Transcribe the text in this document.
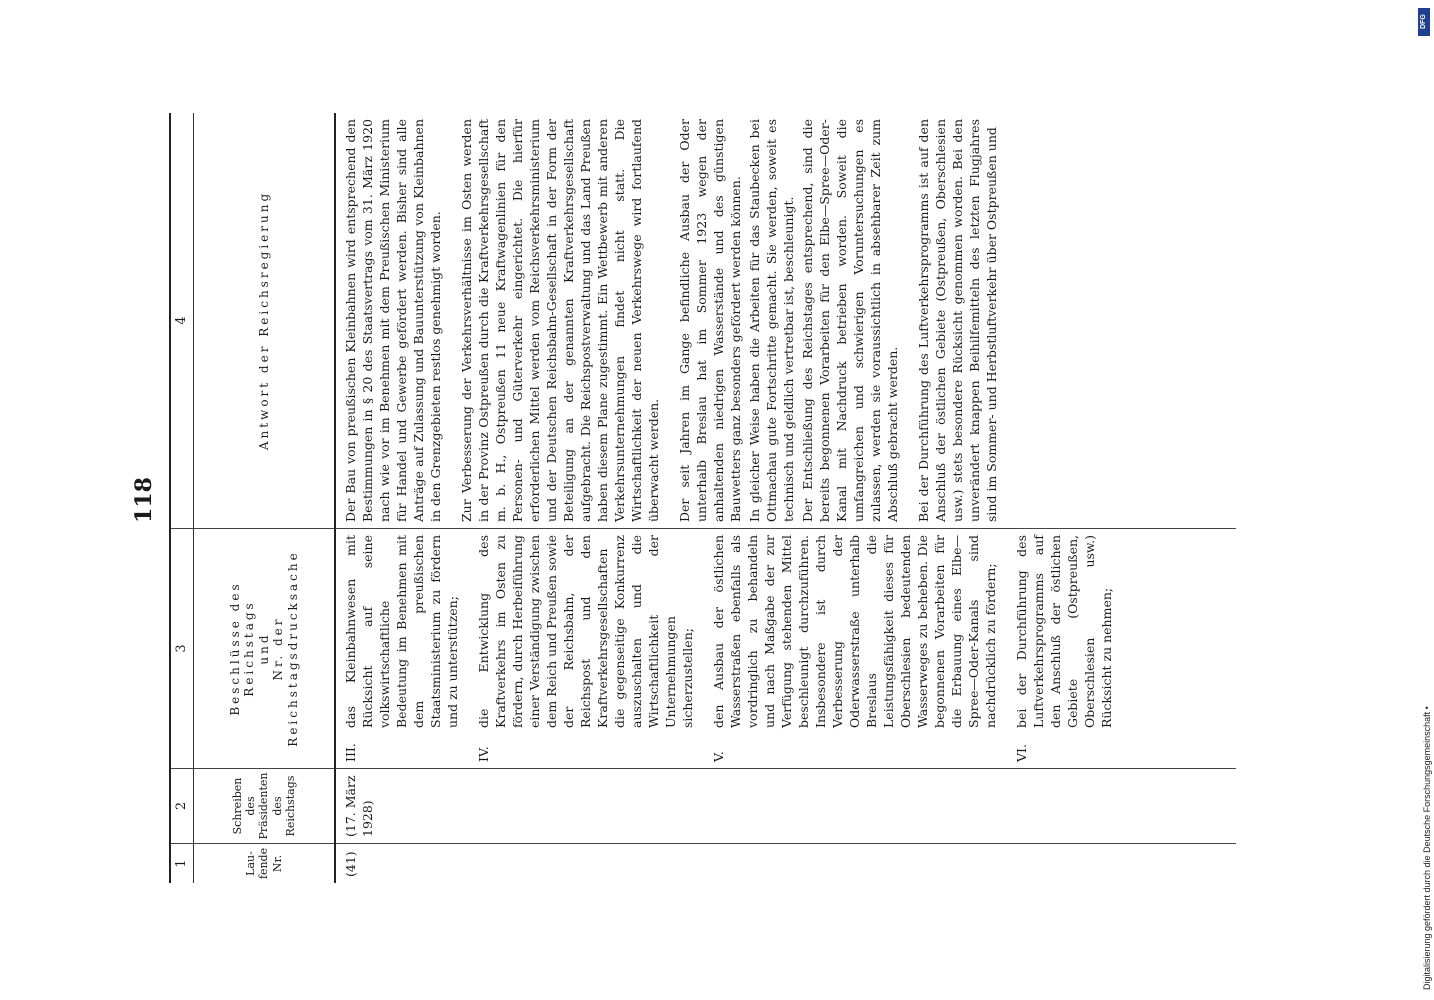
Digitalisierung gefördert durch die Deutsche Forschungsgemeinschaft •
DFG
118
1
2
3
4
Lau- fende Nr.
Schreiben des Präsidenten des Reichstags
Beschlüsse des Reichstags und Nr. der Reichstagsdrucksache
Antwort der Reichsregierung
(41)
(17. März 1928)
III.
das Kleinbahnwesen mit Rücksicht auf seine volkswirtschaftliche Bedeutung im Benehmen mit dem preußischen Staatsministerium zu fördern und zu unterstützen;
IV.
die Entwicklung des Kraftverkehrs im Osten zu fördern, durch Herbeiführung einer Verständigung zwischen dem Reich und Preußen sowie der Reichsbahn, der Reichspost und den Kraftverkehrsgesellschaften die gegenseitige Konkurrenz auszuschalten und die Wirtschaftlichkeit der Unternehmungen sicherzustellen;
V.
den Ausbau der östlichen Wasserstraßen ebenfalls als vordringlich zu behandeln und nach Maßgabe der zur Verfügung stehenden Mittel beschleunigt durchzuführen. Insbesondere ist durch Verbesserung der Oderwasserstraße unterhalb Breslaus die Leistungsfähigkeit dieses für Oberschlesien bedeutenden Wasserweges zu beheben. Die begonnenen Vorarbeiten für die Erbauung eines Elbe—Spree—Oder-Kanals sind nachdrücklich zu fördern;
VI.
bei der Durchführung des Luftverkehrsprogramms auf den Anschluß der östlichen Gebiete (Ostpreußen, Oberschlesien usw.) Rücksicht zu nehmen;

Der Bau von preußischen Kleinbahnen wird entsprechend den Bestimmungen in § 20 des Staatsvertrags vom 31. März 1920 nach wie vor im Benehmen mit dem Preußischen Ministerium für Handel und Gewerbe gefördert werden. Bisher sind alle Anträge auf Zulassung und Bauunterstützung von Kleinbahnen in den Grenzgebieten restlos genehmigt worden. Zur Verbesserung der Verkehrsverhältnisse im Osten werden in der Provinz Ostpreußen durch die Kraftverkehrsgesellschaft m. b. H., Ostpreußen 11 neue Kraftwagenlinien für den Personen- und Güterverkehr eingerichtet. Die hierfür erforderlichen Mittel werden vom Reichsverkehrsministerium und der Deutschen Reichsbahn-Gesellschaft in der Form der Beteiligung an der genannten Kraftverkehrsgesellschaft aufgebracht. Die Reichspostverwaltung und das Land Preußen haben diesem Plane zugestimmt. Ein Wettbewerb mit anderen Verkehrsunternehmungen findet nicht statt. Die Wirtschaftlichkeit der neuen Verkehrswege wird fortlaufend überwacht werden. Der seit Jahren im Gange befindliche Ausbau der Oder unterhalb Breslau hat im Sommer 1923 wegen der anhaltenden niedrigen Wasserstände und des günstigen Bauwetters ganz besonders gefördert werden können. In gleicher Weise haben die Arbeiten für das Staubecken bei Ottmachau gute Fortschritte gemacht. Sie werden, soweit es technisch und geldlich vertretbar ist, beschleunigt. Der Entschließung des Reichstages entsprechend, sind die bereits begonnenen Vorarbeiten für den Elbe—Spree—Oder-Kanal mit Nachdruck betrieben worden. Soweit die umfangreichen und schwierigen Voruntersuchungen es zulassen, werden sie voraussichtlich in absehbarer Zeit zum Abschluß gebracht werden. Bei der Durchführung des Luftverkehrsprogramms ist auf den Anschluß der östlichen Gebiete (Ostpreußen, Oberschlesien usw.) stets besondere Rücksicht genommen worden. Bei den unverändert knappen Beihilfemitteln des letzten Flugjahres sind im Sommer- und Herbstluftverkehr über Ostpreußen und
